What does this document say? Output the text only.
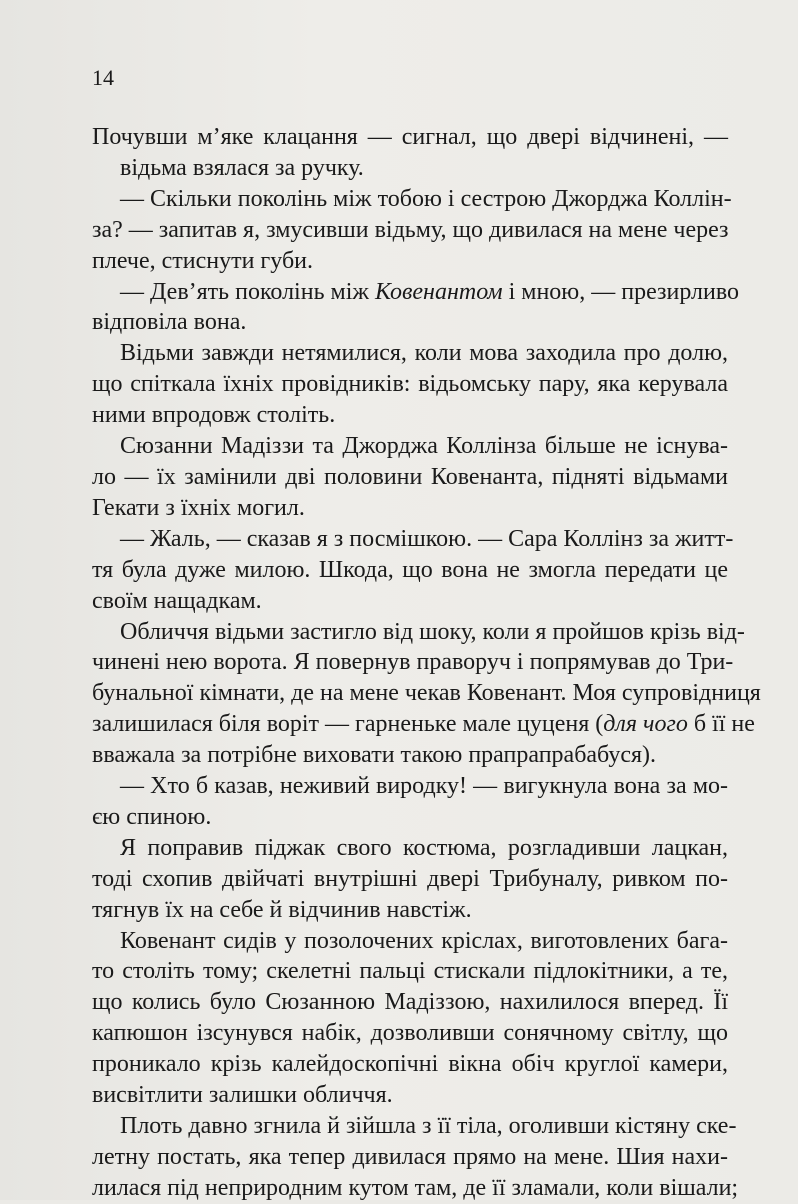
14
Почувши м’яке клацання — сигнал, що двері відчинені, —
відьма взялася за ручку.
— Скільки поколінь між тобою і сестрою Джорджа Коллін-
за? — запитав я, змусивши відьму, що дивилася на мене через
плече, стиснути губи.
— Дев’ять поколінь між Ковенантом і мною, — презирливо
відповіла вона.
Відьми завжди нетямилися, коли мова заходила про долю,
що спіткала їхніх провідників: відьомську пару, яка керувала
ними впродовж століть.
Сюзанни Мадіззи та Джорджа Коллінза більше не існува-
ло — їх замінили дві половини Ковенанта, підняті відьмами
Гекати з їхніх могил.
— Жаль, — сказав я з посмішкою. — Сара Коллінз за житт-
тя була дуже милою. Шкода, що вона не змогла передати це
своїм нащадкам.
Обличчя відьми застигло від шоку, коли я пройшов крізь від-
чинені нею ворота. Я повернув праворуч і попрямував до Три-
бунальної кімнати, де на мене чекав Ковенант. Моя супровідниця
залишилася біля воріт — гарненьке мале цуценя (для чого б її не
вважала за потрібне виховати такою прапрапрабабуся).
— Хто б казав, неживий виродку! — вигукнула вона за мо-
єю спиною.
Я поправив піджак свого костюма, розгладивши лацкан,
тоді схопив двійчаті внутрішні двері Трибуналу, ривком по-
тягнув їх на себе й відчинив навстіж.
Ковенант сидів у позолочених кріслах, виготовлених бага-
то століть тому; скелетні пальці стискали підлокітники, а те,
що колись було Сюзанною Мадіззою, нахилилося вперед. Її
капюшон ізсунувся набік, дозволивши сонячному світлу, що
проникало крізь калейдоскопічні вікна обіч круглої камери,
висвітлити залишки обличчя.
Плоть давно згнила й зійшла з її тіла, оголивши кістяну ске-
летну постать, яка тепер дивилася прямо на мене. Шия нахи-
лилася під неприродним кутом там, де її зламали, коли вішали;
